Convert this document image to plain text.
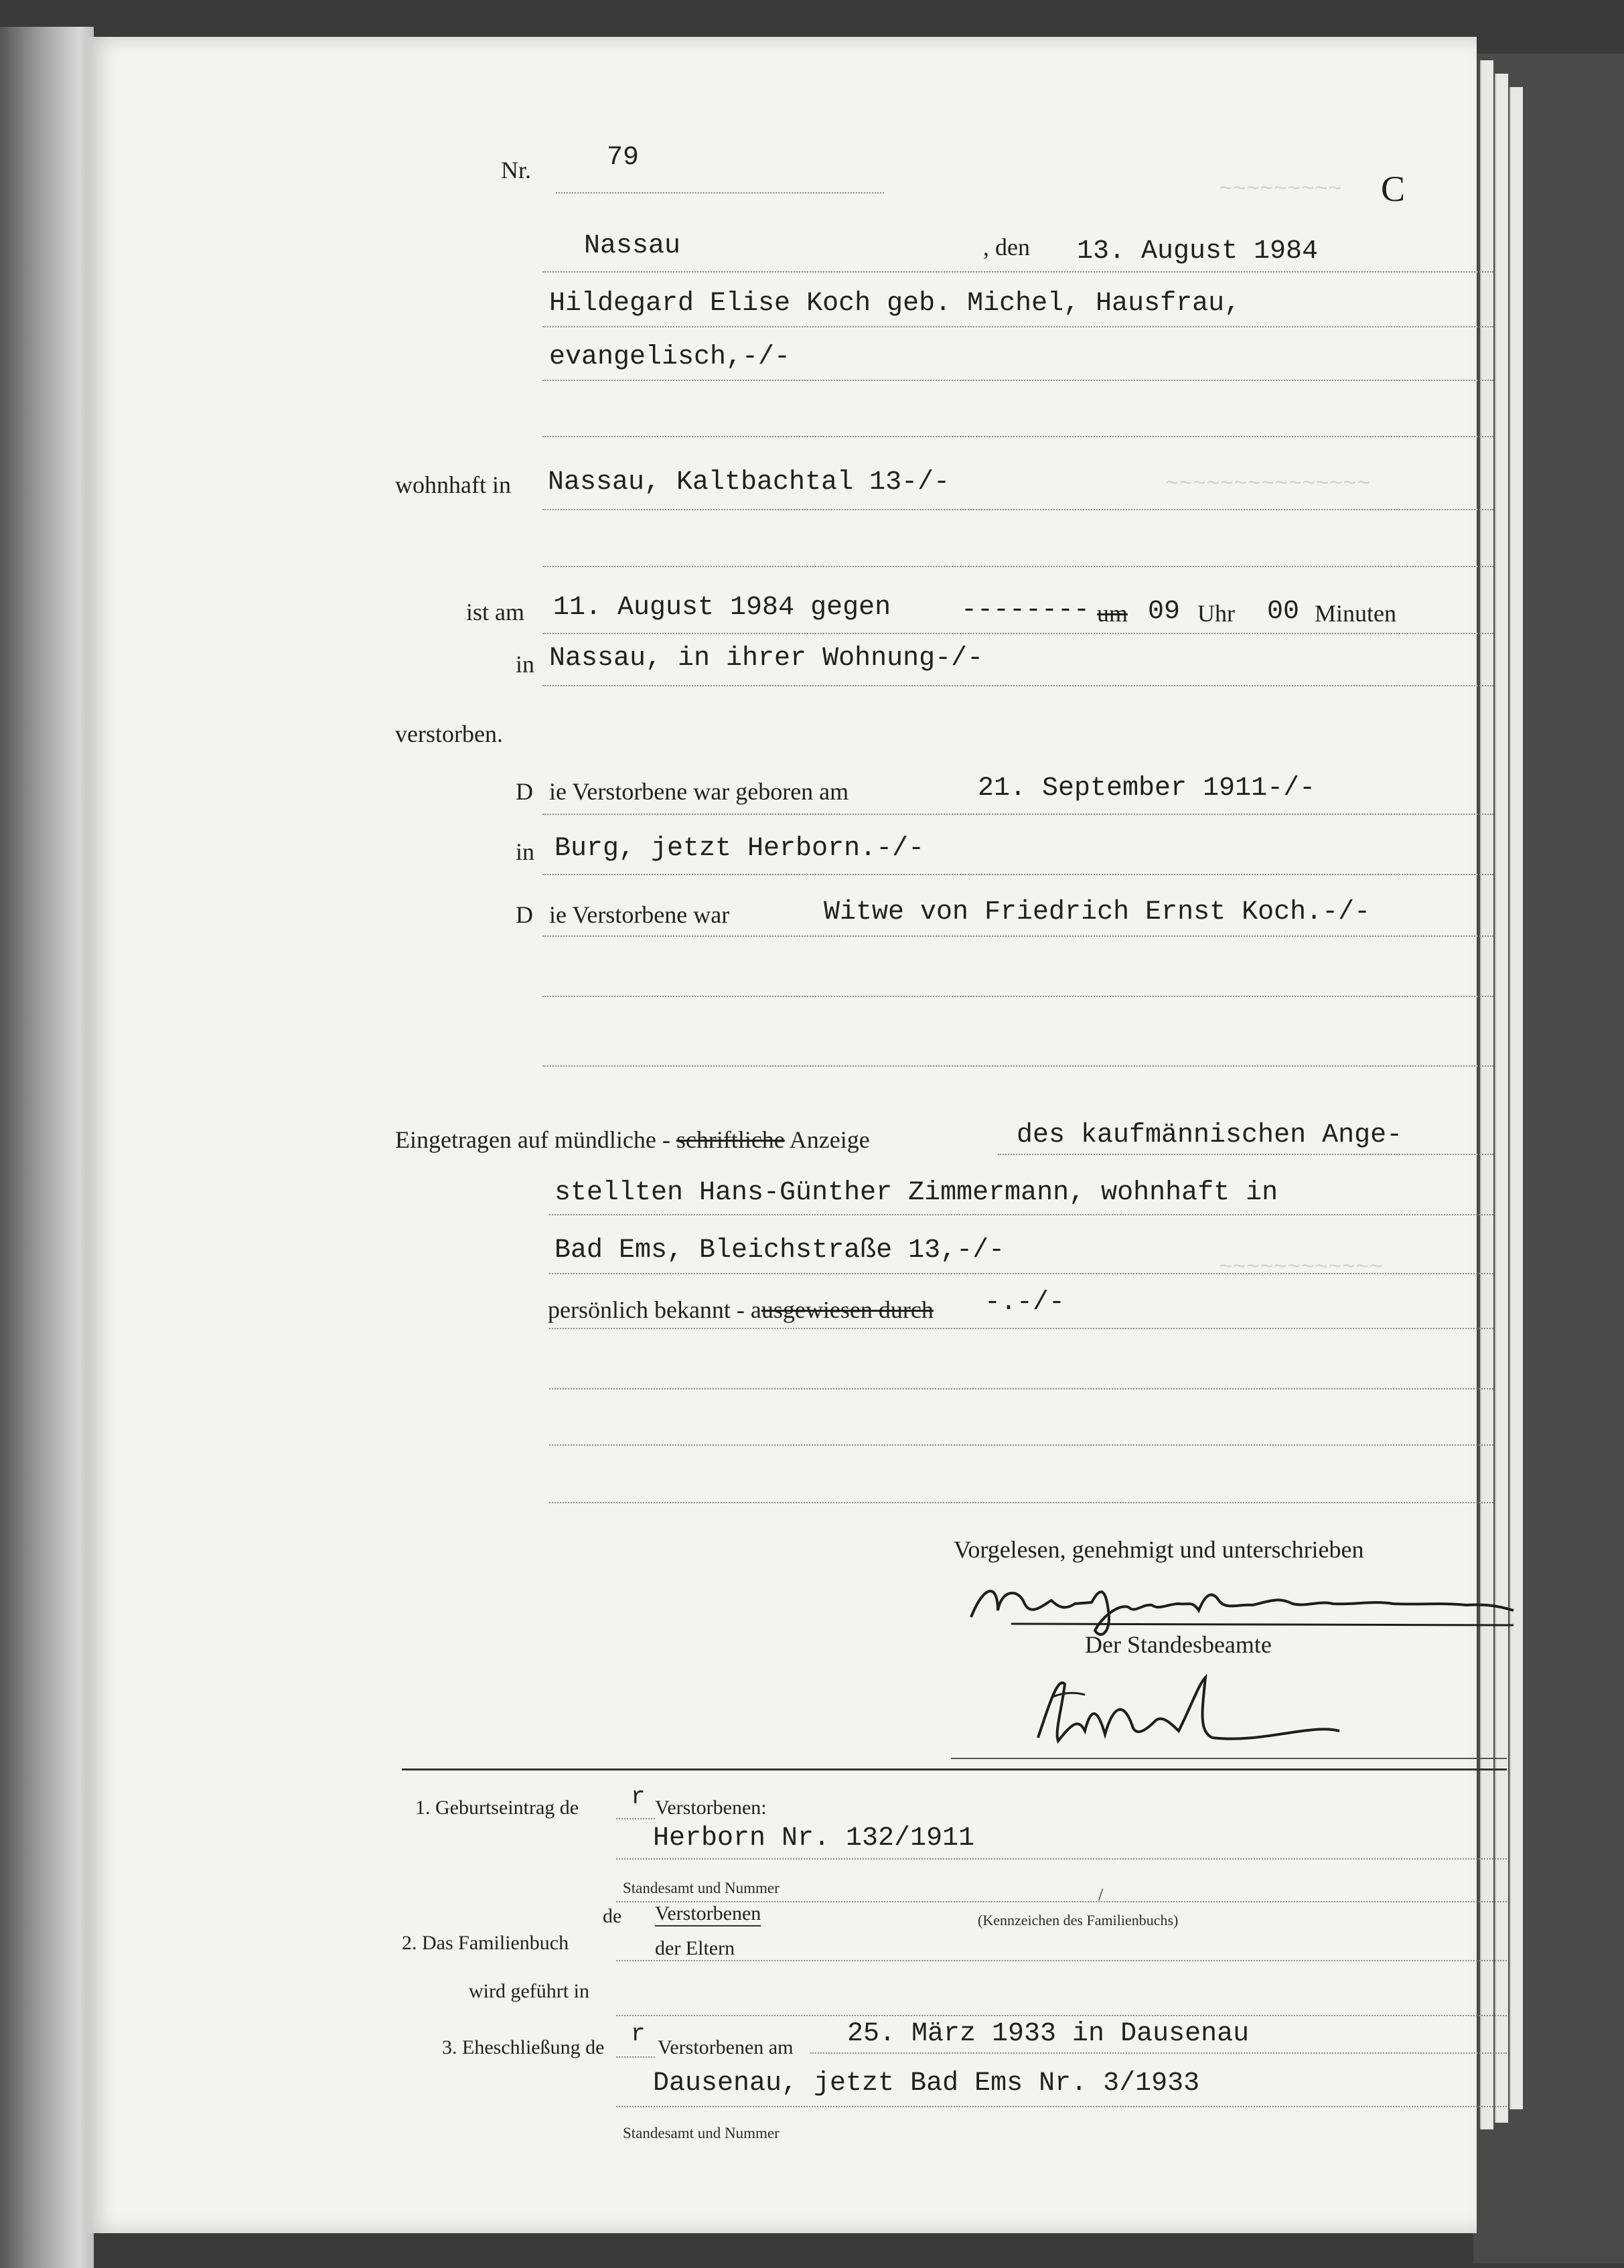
~~~~~~~~~
~~~~~~~~~~~~~~~
~~~~~~~~~~~~
Nr.	79
C
Nassau	, den 13. August 1984
Hildegard Elise Koch geb. Michel, Hausfrau,
evangelisch,-/-
wohnhaft in Nassau, Kaltbachtal 13-/-
ist am 11. August 1984 gegen	-------- um 09 Uhr 00 Minuten
in Nassau, in ihrer Wohnung-/-
verstorben.
D ie Verstorbene war geboren am	21. September 1911-/-
in Burg, jetzt Herborn.-/-
D ie Verstorbene war	Witwe von Friedrich Ernst Koch.-/-
Eingetragen auf mündliche - schriftliche Anzeige	des kaufmännischen Ange-
stellten Hans-Günther Zimmermann, wohnhaft in
Bad Ems, Bleichstraße 13,-/-
persönlich bekannt - ausgewiesen durch -.-/-
Vorgelesen, genehmigt und unterschrieben
Der Standesbeamte
1. Geburtseintrag de r Verstorbenen:
Herborn Nr. 132/1911
Standesamt und Nummer	/
de Verstorbenen	(Kennzeichen des Familienbuchs)
2. Das Familienbuch	der Eltern
wird geführt in
3. Eheschließung de r Verstorbenen am 25. März 1933 in Dausenau
Dausenau, jetzt Bad Ems Nr. 3/1933
Standesamt und Nummer
